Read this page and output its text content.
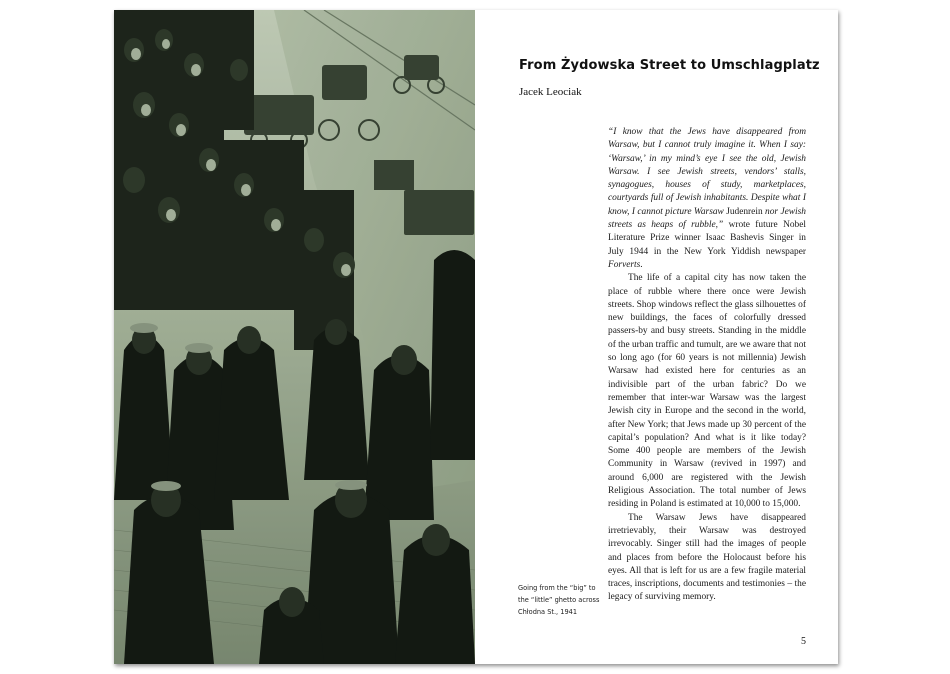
From Żydowska Street to Umschlagplatz
Jacek Leociak

“I know that the Jews have disappeared from Warsaw, but I cannot truly imagine it. When I say: ‘Warsaw,’ in my mind’s eye I see the old, Jewish Warsaw. I see Jewish streets, vendors’ stalls, synagogues, houses of study, marketplaces, courtyards full of Jewish inhabitants. Despite what I know, I cannot picture Warsaw Judenrein nor Jewish streets as heaps of rubble,” wrote future Nobel Literature Prize winner Isaac Bashevis Singer in July 1944 in the New York Yiddish newspaper Forverts.

The life of a capital city has now taken the place of rubble where there once were Jewish streets. Shop windows reflect the glass silhouettes of new buildings, the faces of colorfully dressed passers-by and busy streets. Standing in the middle of the urban traffic and tumult, are we aware that not so long ago (for 60 years is not millennia) Jewish Warsaw had existed here for centuries as an indivisible part of the urban fabric? Do we remember that inter-war Warsaw was the largest Jewish city in Europe and the second in the world, after New York; that Jews made up 30 percent of the capital’s population? And what is it like today? Some 400 people are members of the Jewish Community in Warsaw (revived in 1997) and around 6,000 are registered with the Jewish Religious Association. The total number of Jews residing in Poland is estimated at 10,000 to 15,000.

The Warsaw Jews have disappeared irretrievably, their Warsaw was destroyed irrevocably. Singer still had the images of people and places from before the Holocaust before his eyes. All that is left for us are a few fragile material traces, inscriptions, documents and testimonies – the legacy of surviving memory.

Going from the “big” to the “little” ghetto across Chłodna St., 1941
5
